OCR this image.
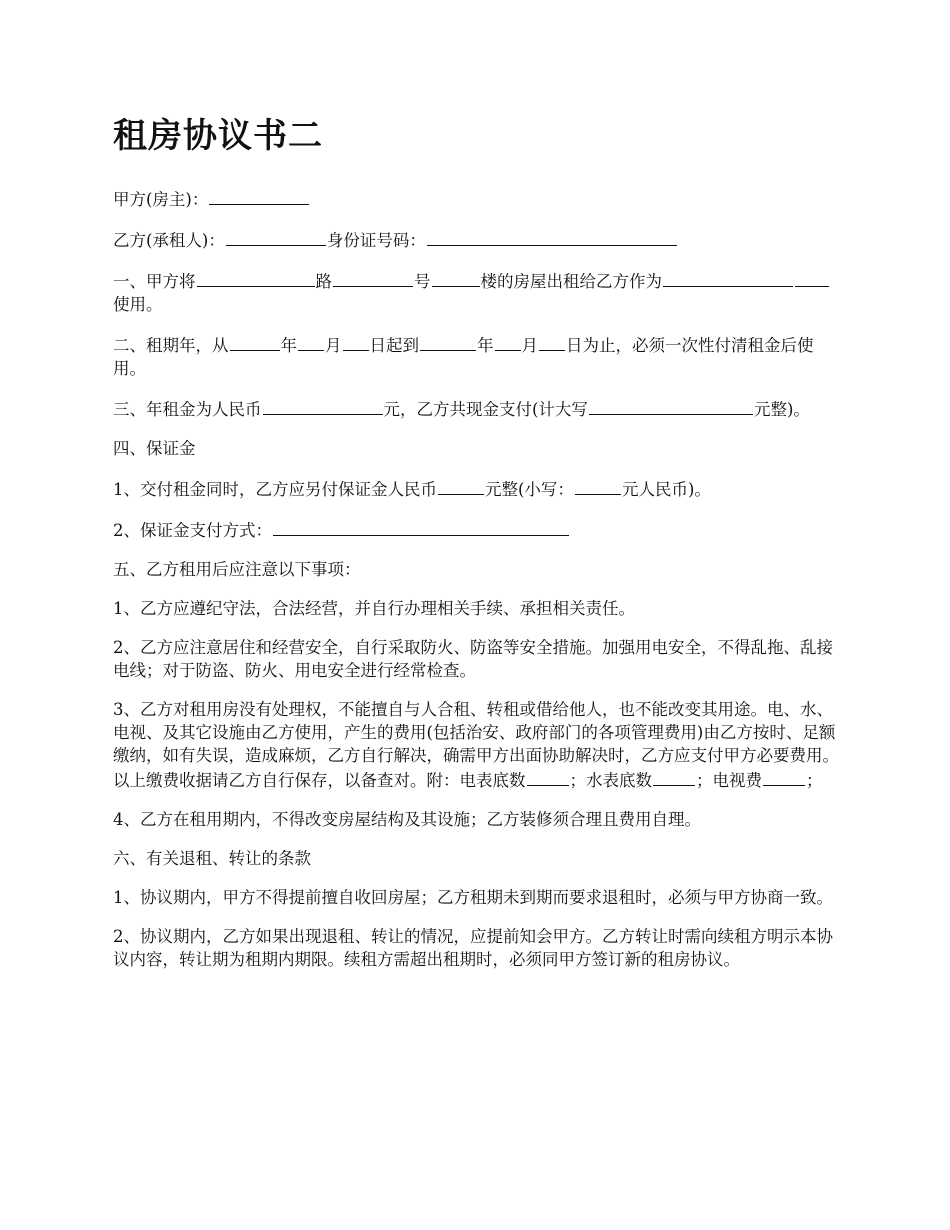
租房协议书二

甲方(房主)：

乙方(承租人)：	身份证号码：

一、甲方将	路	号	楼的房屋出租给乙方作为使用。

二、租期年，从	年 月 日起到	年 月 日为止，必须一次性付清租金后使用。

三、年租金为人民币	元，乙方共现金支付(计大写	元整)。

四、保证金

1、交付租金同时，乙方应另付保证金人民币	元整(小写：	元人民币)。

2、保证金支付方式：

五、乙方租用后应注意以下事项：

1、乙方应遵纪守法，合法经营，并自行办理相关手续、承担相关责任。

2、乙方应注意居住和经营安全，自行采取防火、防盗等安全措施。加强用电安全，不得乱拖、乱接电线；对于防盗、防火、用电安全进行经常检查。

3、乙方对租用房没有处理权，不能擅自与人合租、转租或借给他人，也不能改变其用途。电、水、电视、及其它设施由乙方使用，产生的费用(包括治安、政府部门的各项管理费用)由乙方按时、足额缴纳，如有失误，造成麻烦，乙方自行解决，确需甲方出面协助解决时，乙方应支付甲方必要费用。以上缴费收据请乙方自行保存，以备查对。附：电表底数	；水表底数	；电视费	；

4、乙方在租用期内，不得改变房屋结构及其设施；乙方装修须合理且费用自理。

六、有关退租、转让的条款

1、协议期内，甲方不得提前擅自收回房屋；乙方租期未到期而要求退租时，必须与甲方协商一致。

2、协议期内，乙方如果出现退租、转让的情况，应提前知会甲方。乙方转让时需向续租方明示本协议内容，转让期为租期内期限。续租方需超出租期时，必须同甲方签订新的租房协议。
